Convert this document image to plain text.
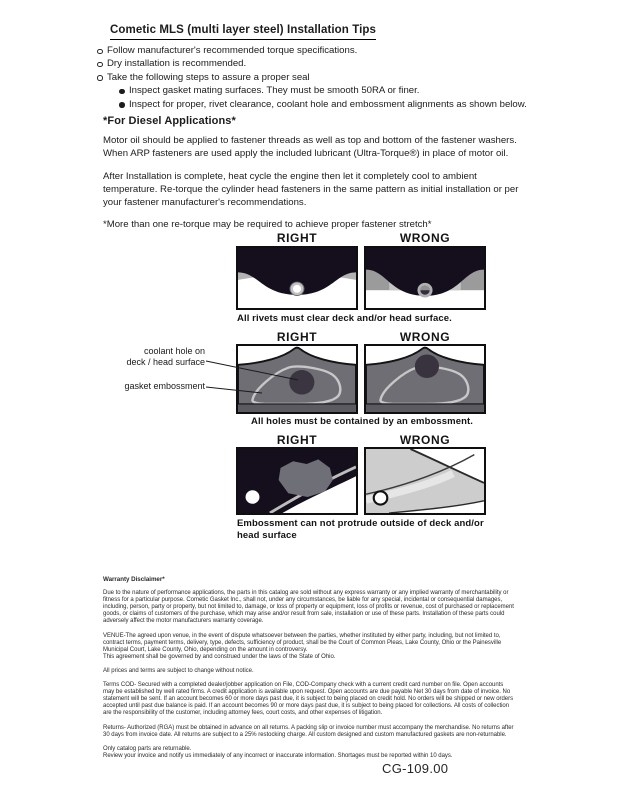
Cometic MLS (multi layer steel) Installation Tips
Follow manufacturer's recommended torque specifications.
Dry installation is recommended.
Take the following steps to assure a proper seal
Inspect gasket mating surfaces. They must be smooth 50RA or finer.
Inspect for proper, rivet clearance, coolant hole and embossment alignments as shown below.
*For Diesel Applications*

Motor oil should be applied to fastener threads as well as top and bottom of the fastener washers. When ARP fasteners are used apply the included lubricant (Ultra-Torque®) in place of motor oil.

After Installation is complete, heat cycle the engine then let it completely cool to ambient temperature. Re-torque the cylinder head fasteners in the same pattern as initial installation or per your fastener manufacturer's recommendations.

*More than one re-torque may be required to achieve proper fastener stretch*

RIGHT	WRONG
All rivets must clear deck and/or head surface.
RIGHT	WRONG
coolant hole on
deck / head surface
gasket embossment
All holes must be contained by an embossment.
RIGHT	WRONG
Embossment can not protrude outside of deck and/or head surface
Warranty Disclaimer*

Due to the nature of performance applications, the parts in this catalog are sold without any express warranty or any implied warranty of merchantability or fitness for a particular purpose. Cometic Gasket Inc., shall not, under any circumstances, be liable for any special, incidental or consequential damages, including, person, party or property, but not limited to, damage, or loss of property or equipment, loss of profits or revenue, cost of purchased or replacement goods, or claims of customers of the purchase, which may arise and/or result from sale, installation or use of these parts. Installation of these parts could adversely affect the motor manufacturers warranty coverage.

VENUE-The agreed upon venue, in the event of dispute whatsoever between the parties, whether instituted by either party, including, but not limited to, contract terms, payment terms, delivery, type, defects, sufficiency of product, shall be the Court of Common Pleas, Lake County, Ohio or the Painesville Municipal Court, Lake County, Ohio, depending on the amount in controversy.

This agreement shall be governed by and construed under the laws of the State of Ohio.

All prices and terms are subject to change without notice.

Terms COD- Secured with a completed dealer/jobber application on File, COD-Company check with a current credit card number on file. Open accounts may be established by well rated firms. A credit application is available upon request. Open accounts are due payable Net 30 days from date of invoice. No statement will be sent. If an account becomes 60 or more days past due, it is subject to being placed on credit hold. No orders will be shipped or new orders accepted until past due balance is paid. If an account becomes 90 or more days past due, it is subject to being placed for collections. All costs of collection are the responsibility of the customer, including attorney fees, court costs, and other expenses of litigation.

Returns- Authorized (RGA) must be obtained in advance on all returns. A packing slip or invoice number must accompany the merchandise. No returns after 30 days from invoice date. All returns are subject to a 25% restocking charge. All custom designed and custom manufactured gaskets are non-returnable.

Only catalog parts are returnable.

Review your invoice and notify us immediately of any incorrect or inaccurate information. Shortages must be reported within 10 days.

CG-109.00
